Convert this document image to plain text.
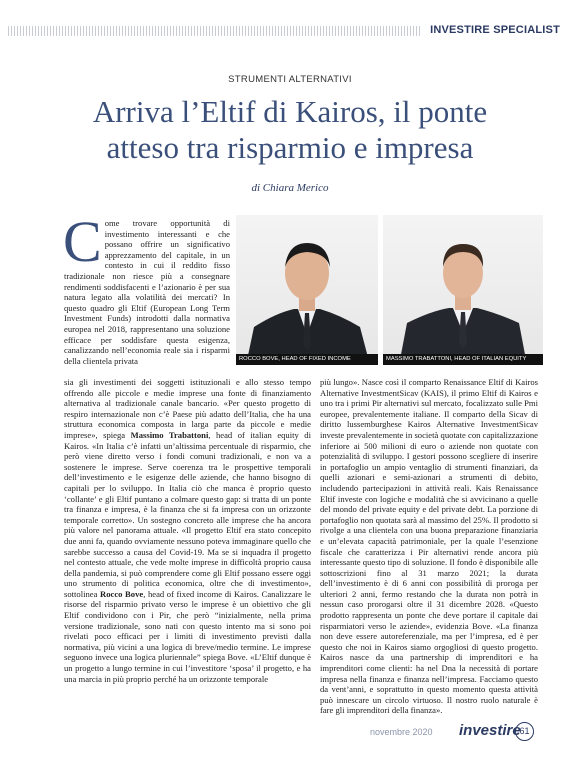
INVESTIRE SPECIALIST
STRUMENTI ALTERNATIVI
Arriva l’Eltif di Kairos, il ponte
atteso tra risparmio e impresa
di Chiara Merico
Come trovare opportunità di investimento interessanti e che possano offrire un significativo apprezzamento del capitale, in un contesto in cui il reddito fisso tradizionale non riesce più a consegnare rendimenti soddisfacenti e l’azionario è per sua natura legato alla volatilità dei mercati? In questo quadro gli Eltif (European Long Term Investment Funds) introdotti dalla normativa europea nel 2018, rappresentano una soluzione efficace per soddisfare questa esigenza, canalizzando nell’economia reale sia i risparmi della clientela privata	ROCCO BOVE, HEAD OF FIXED INCOME	MASSIMO TRABATTONI, HEAD OF ITALIAN EQUITY
sia gli investimenti dei soggetti istituzionali e allo stesso tempo offrendo alle piccole e medie imprese una fonte di finanziamento alternativa al tradizionale canale bancario. «Per questo progetto di respiro internazionale non c’è Paese più adatto dell’Italia, che ha una struttura economica composta in larga parte da piccole e medie imprese», spiega Massimo Trabattoni, head of italian equity di Kairos. «In Italia c’è infatti un’altissima percentuale di risparmio, che però viene diretto verso i fondi comuni tradizionali, e non va a sostenere le imprese. Serve coerenza tra le prospettive temporali dell’investimento e le esigenze delle aziende, che hanno bisogno di capitali per lo sviluppo. In Italia ciò che manca è proprio questo ‘collante’ e gli Eltif puntano a colmare questo gap: si tratta di un ponte tra finanza e impresa, è la finanza che si fa impresa con un orizzonte temporale corretto». Un sostegno concreto alle imprese che ha ancora più valore nel panorama attuale. «Il progetto Eltif era stato concepito due anni fa, quando ovviamente nessuno poteva immaginare quello che sarebbe successo a causa del Covid-19. Ma se si inquadra il progetto nel contesto attuale, che vede molte imprese in difficoltà proprio causa della pandemia, si può comprendere come gli Eltif possano essere oggi uno strumento di politica economica, oltre che di investimento», sottolinea Rocco Bove, head of fixed income di Kairos. Canalizzare le risorse del risparmio privato verso le imprese è un obiettivo che gli Eltif condividono con i Pir, che però “inizialmente, nella prima versione tradizionale, sono nati con questo intento ma si sono poi rivelati poco efficaci per i limiti di investimento previsti dalla normativa, più vicini a una logica di breve/medio termine. Le imprese seguono invece una logica pluriennale” spiega Bove. «L’Eltif dunque è un progetto a lungo termine in cui l’investitore ‘sposa’ il progetto, e ha una marcia in più proprio perché ha un orizzonte temporale
più lungo». Nasce così il comparto Renaissance Eltif di Kairos Alternative InvestmentSicav (KAIS), il primo Eltif di Kairos e uno tra i primi Pir alternativi sul mercato, focalizzato sulle Pmi europee, prevalentemente italiane. Il comparto della Sicav di diritto lussemburghese Kairos Alternative InvestmentSicav investe prevalentemente in società quotate con capitalizzazione inferiore ai 500 milioni di euro o aziende non quotate con potenzialità di sviluppo. I gestori possono scegliere di inserire in portafoglio un ampio ventaglio di strumenti finanziari, da quelli azionari e semi-azionari a strumenti di debito, includendo partecipazioni in attività reali. Kais Renaissance Eltif investe con logiche e modalità che si avvicinano a quelle del mondo del private equity e del private debt. La porzione di portafoglio non quotata sarà al massimo del 25%. Il prodotto si rivolge a una clientela con una buona preparazione finanziaria e un’elevata capacità patrimoniale, per la quale l’esenzione fiscale che caratterizza i Pir alternativi rende ancora più interessante questo tipo di soluzione. Il fondo è disponibile alle sottoscrizioni fino al 31 marzo 2021; la durata dell’investimento è di 6 anni con possibilità di proroga per ulteriori 2 anni, fermo restando che la durata non potrà in nessun caso prorogarsi oltre il 31 dicembre 2028. «Questo prodotto rappresenta un ponte che deve portare il capitale dai risparmiatori verso le aziende», evidenzia Bove. «La finanza non deve essere autoreferenziale, ma per l’impresa, ed è per questo che noi in Kairos siamo orgogliosi di questo progetto. Kairos nasce da una partnership di imprenditori e ha imprenditori come clienti: ha nel Dna la necessità di portare impresa nella finanza e finanza nell’impresa. Facciamo questo da vent’anni, e soprattutto in questo momento questa attività può innescare un circolo virtuoso. Il nostro ruolo naturale è fare gli imprenditori della finanza».
novembre 2020 investire
61
